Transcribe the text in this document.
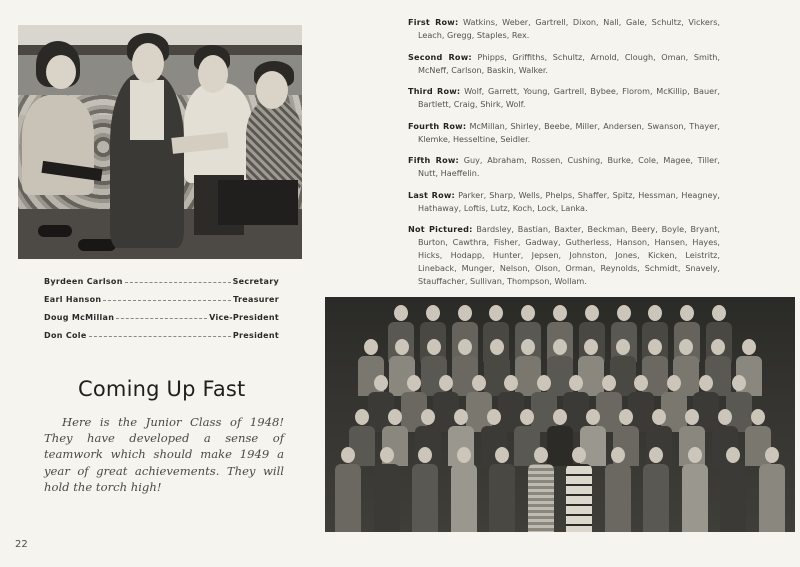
Byrdeen Carlson	Secretary
Earl Hanson	Treasurer
Doug McMillan	Vice-President
Don Cole	President
Coming Up Fast
Here is the Junior Class of 1948! They have developed a sense of teamwork which should make 1949 a year of great achievements. They will hold the torch high!
22
First Row: Watkins, Weber, Gartrell, Dixon, Nall, Gale, Schultz, Vickers, Leach, Gregg, Staples, Rex.
Second Row: Phipps, Griffiths, Schultz, Arnold, Clough, Oman, Smith, McNeff, Carlson, Baskin, Walker.
Third Row: Wolf, Garrett, Young, Gartrell, Bybee, Florom, McKillip, Bauer, Bartlett, Craig, Shirk, Wolf.
Fourth Row: McMillan, Shirley, Beebe, Miller, Andersen, Swanson, Thayer, Klemke, Hesseltine, Seidler.
Fifth Row: Guy, Abraham, Rossen, Cushing, Burke, Cole, Magee, Tiller, Nutt, Haeffelin.
Last Row: Parker, Sharp, Wells, Phelps, Shaffer, Spitz, Hessman, Heagney, Hathaway, Loftis, Lutz, Koch, Lock, Lanka.
Not Pictured: Bardsley, Bastian, Baxter, Beckman, Beery, Boyle, Bryant, Burton, Cawthra, Fisher, Gadway, Gutherless, Hanson, Hansen, Hayes, Hicks, Hodapp, Hunter, Jepsen, Johnston, Jones, Kicken, Leistritz, Lineback, Munger, Nelson, Olson, Orman, Reynolds, Schmidt, Snavely, Stauffacher, Sullivan, Thompson, Wollam.
